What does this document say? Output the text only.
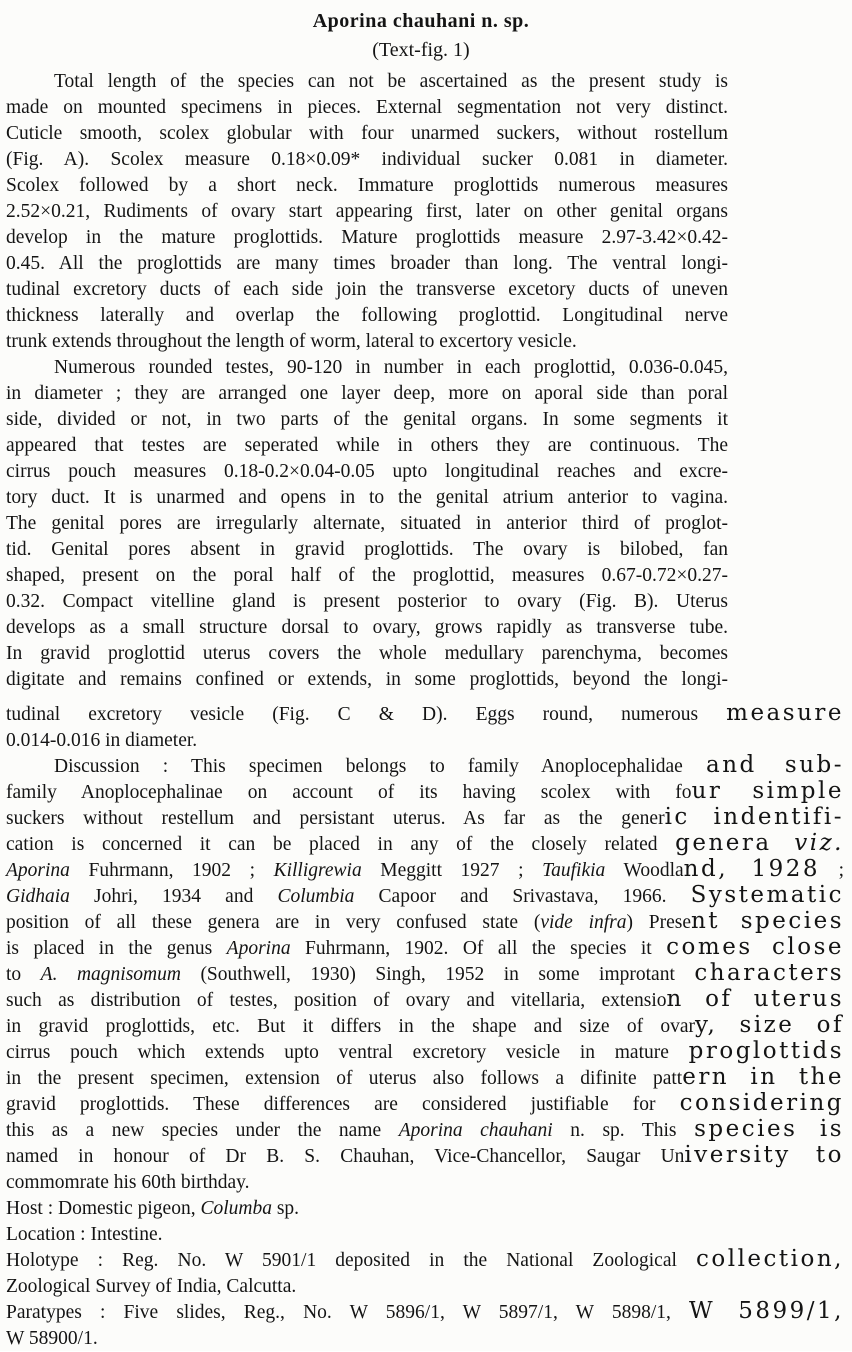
Aporina chauhani n. sp.
(Text-fig. 1)
Total length of the species can not be ascertained as the present study is
made on mounted specimens in pieces. External segmentation not very distinct.
Cuticle smooth, scolex globular with four unarmed suckers, without rostellum
(Fig. A). Scolex measure 0.18×0.09* individual sucker 0.081 in diameter.
Scolex followed by a short neck. Immature proglottids numerous measures
2.52×0.21, Rudiments of ovary start appearing first, later on other genital organs
develop in the mature proglottids. Mature proglottids measure 2.97-3.42×0.42-
0.45. All the proglottids are many times broader than long. The ventral longi-
tudinal excretory ducts of each side join the transverse excetory ducts of uneven
thickness laterally and overlap the following proglottid. Longitudinal nerve
trunk extends throughout the length of worm, lateral to excertory vesicle.
Numerous rounded testes, 90-120 in number in each proglottid, 0.036-0.045,
in diameter ; they are arranged one layer deep, more on aporal side than poral
side, divided or not, in two parts of the genital organs. In some segments it
appeared that testes are seperated while in others they are continuous. The
cirrus pouch measures 0.18-0.2×0.04-0.05 upto longitudinal reaches and excre-
tory duct. It is unarmed and opens in to the genital atrium anterior to vagina.
The genital pores are irregularly alternate, situated in anterior third of proglot-
tid. Genital pores absent in gravid proglottids. The ovary is bilobed, fan
shaped, present on the poral half of the proglottid, measures 0.67-0.72×0.27-
0.32. Compact vitelline gland is present posterior to ovary (Fig. B). Uterus
develops as a small structure dorsal to ovary, grows rapidly as transverse tube.
In gravid proglottid uterus covers the whole medullary parenchyma, becomes
digitate and remains confined or extends, in some proglottids, beyond the longi-
tudinal excretory vesicle (Fig. C & D). Eggs round, numerous measure
0.014-0.016 in diameter.
Discussion : This specimen belongs to family Anoplocephalidae and sub-
family Anoplocephalinae on account of its having scolex with four simple
suckers without restellum and persistant uterus. As far as the generic indentifi-
cation is concerned it can be placed in any of the closely related genera viz.
Aporina Fuhrmann, 1902 ; Killigrewia Meggitt 1927 ; Taufikia Woodland, 1928 ;
Gidhaia Johri, 1934 and Columbia Capoor and Srivastava, 1966. Systematic
position of all these genera are in very confused state (vide infra) Present species
is placed in the genus Aporina Fuhrmann, 1902. Of all the species it comes close
to A. magnisomum (Southwell, 1930) Singh, 1952 in some improtant characters
such as distribution of testes, position of ovary and vitellaria, extension of uterus
in gravid proglottids, etc. But it differs in the shape and size of ovary, size of
cirrus pouch which extends upto ventral excretory vesicle in mature proglottids
in the present specimen, extension of uterus also follows a difinite pattern in the
gravid proglottids. These differences are considered justifiable for considering
this as a new species under the name Aporina chauhani n. sp. This species is
named in honour of Dr B. S. Chauhan, Vice-Chancellor, Saugar University to
commomrate his 60th birthday.
Host : Domestic pigeon, Columba sp.
Location : Intestine.
Holotype : Reg. No. W 5901/1 deposited in the National Zoological collection,
Zoological Survey of India, Calcutta.
Paratypes : Five slides, Reg., No. W 5896/1, W 5897/1, W 5898/1, W 5899/1,
W 58900/1.
